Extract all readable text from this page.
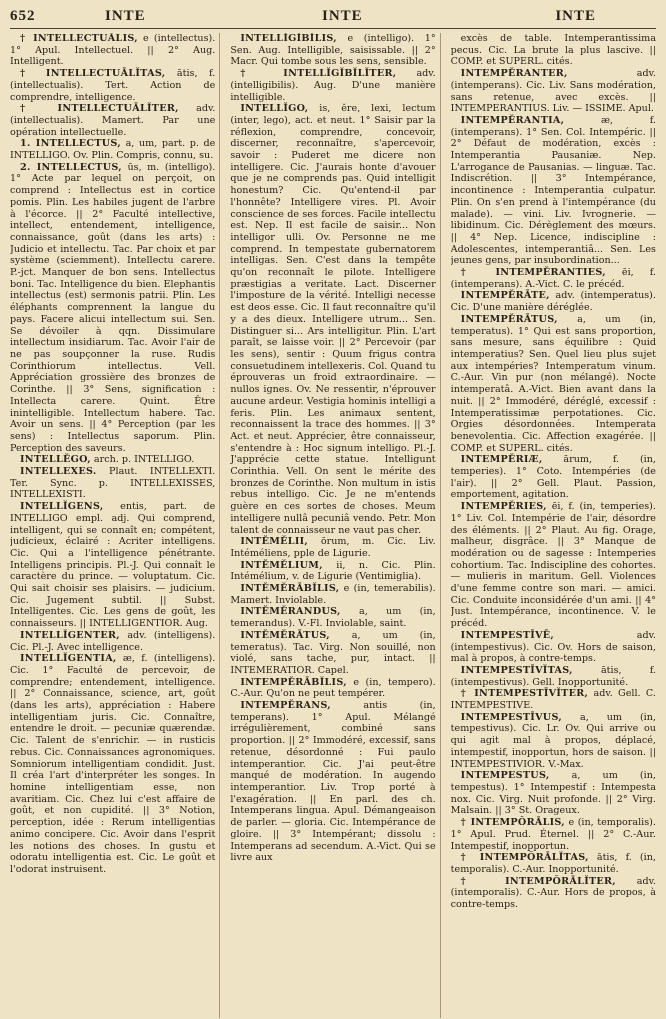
652	INTE	INTE	INTE

† INTELLECTUĀLIS, e (intellectus). 1° Apul. Intellectuel. || 2° Aug. Intelligent.

† INTELLECTUĀLĬTAS, ātis, f. (intellectualis). Tert. Action de comprendre, intelligence.

† INTELLECTUĀLĬTER, adv. (intellectualis). Mamert. Par une opération intellectuelle.

1. INTELLECTUS, a, um, part. p. de INTELLIGO. Ov. Plin. Compris, connu, su.

2. INTELLECTUS, ūs, m. (intelligo). 1° Acte par lequel on perçoit, on comprend : Intellectus est in cortice pomis. Plin. Les habiles jugent de l'arbre à l'écorce. || 2° Faculté intellective, intellect, entendement, intelligence, connaissance, goût (dans les arts) : Judicio et intellectu. Tac. Par choix et par système (sciemment). Intellectu carere. P.-jct. Manquer de bon sens. Intellectus boni. Tac. Intelligence du bien. Elephantis intellectus (est) sermonis patrii. Plin. Les éléphants comprennent la langue du pays. Facere alicui intellectum sui. Sen. Se dévoiler à qqn. Dissimulare intellectum insidiarum. Tac. Avoir l'air de ne pas soupçonner la ruse. Rudis Corinthiorum intellectus. Vell. Appréciation grossière des bronzes de Corinthe. || 3° Sens, signification : Intellecta carere. Quint. Être inintelligible. Intellectum habere. Tac. Avoir un sens. || 4° Perception (par les sens) : Intellectus saporum. Plin. Perception des saveurs.

INTELLĔGO, arch. p. INTELLIGO.

INTELLEXES. Plaut. INTELLEXTI. Ter. Sync. p. INTELLEXISSES, INTELLEXISTI.

INTELLĬGENS, entis, part. de INTELLIGO empl. adj. Qui comprend, intelligent, qui se connaît en; compétent, judicieux, éclairé : Acriter intelligens. Cic. Qui a l'intelligence pénétrante. Intelligens principis. Pl.-J. Qui connaît le caractère du prince. — voluptatum. Cic. Qui sait choisir ses plaisirs. — judicium. Cic. Jugement subtil. || Subst. Intelligentes. Cic. Les gens de goût, les connaisseurs. || INTELLIGENTIOR. Aug.

INTELLĬGENTER, adv. (intelligens). Cic. Pl.-J. Avec intelligence.

INTELLĬGENTIA, æ, f. (intelligens). Cic. 1° Faculté de percevoir, de comprendre; entendement, intelligence. || 2° Connaissance, science, art, goût (dans les arts), appréciation : Habere intelligentiam juris. Cic. Connaître, entendre le droit. — pecuniæ quærendæ. Cic. Talent de s'enrichir. — in rusticis rebus. Cic. Connaissances agronomiques. Somniorum intelligentiam condidit. Just. Il créa l'art d'interpréter les songes. In homine intelligentiam esse, non avaritiam. Cic. Chez lui c'est affaire de goût, et non cupidité. || 3° Notion, perception, idée : Rerum intelligentias animo concipere. Cic. Avoir dans l'esprit les notions des choses. In gustu et odoratu intelligentia est. Cic. Le goût et l'odorat instruisent.

INTELLĬGĬBĬLIS, e (intelligo). 1° Sen. Aug. Intelligible, saisissable. || 2° Macr. Qui tombe sous les sens, sensible.

† INTELLĬGĬBĬLĬTER, adv. (intelligibilis). Aug. D'une manière intelligible.

INTELLĬGO, is, ĕre, lexi, lectum (inter, lego), act. et neut. 1° Saisir par la réflexion, comprendre, concevoir, discerner, reconnaître, s'apercevoir, savoir : Puderet me dicere non intelligere. Cic. J'aurais honte d'avouer que je ne comprends pas. Quid intelligit honestum? Cic. Qu'entend-il par l'honnête? Intelligere vires. Pl. Avoir conscience de ses forces. Facile intellectu est. Nep. Il est facile de saisir... Non intelligor ulli. Ov. Personne ne me comprend. In tempestate gubernatorem intelligas. Sen. C'est dans la tempête qu'on reconnaît le pilote. Intelligere præstigias a veritate. Lact. Discerner l'imposture de la vérité. Intelligi necesse est deos esse. Cic. Il faut reconnaître qu'il y a des dieux. Intelligere utrum... Sen. Distinguer si... Ars intelligitur. Plin. L'art paraît, se laisse voir. || 2° Percevoir (par les sens), sentir : Quum frigus contra consuetudinem intellexeris. Col. Quand tu éprouveras un froid extraordinaire. — nullos ignes. Ov. Ne ressentir, n'éprouver aucune ardeur. Vestigia hominis intelligi a feris. Plin. Les animaux sentent, reconnaissent la trace des hommes. || 3° Act. et neut. Apprécier, être connaisseur, s'entendre à : Hoc signum intelligo. Pl.-J. J'apprécie cette statue. Intelligunt Corinthia. Vell. On sent le mérite des bronzes de Corinthe. Non multum in istis rebus intelligo. Cic. Je ne m'entends guère en ces sortes de choses. Meum intelligere nullâ pecuniâ vendo. Petr. Mon talent de connaisseur ne vaut pas cher.

INTĔMĔLII, ōrum, m. Cic. Liv. Intéméliens, pple de Ligurie.

INTĔMĔLIUM, ii, n. Cic. Plin. Intémélium, v. de Ligurie (Ventimiglia).

INTĔMĔRĀBĬLIS, e (in, temerabilis). Mamert. Inviolable.

INTĔMĔRANDUS, a, um (in, temerandus). V.-Fl. Inviolable, saint.

INTĔMĔRĀTUS, a, um (in, temeratus). Tac. Virg. Non souillé, non violé, sans tache, pur, intact. || INTEMERATIOR. Capel.

INTEMPĔRĀBĬLIS, e (in, tempero). C.-Aur. Qu'on ne peut tempérer.

INTEMPĔRANS,	antis (in, temperans). 1° Apul. Mélangé irrégulièrement, combiné sans proportion. || 2° Immodéré, excessif, sans retenue, désordonné : Fui paulo intemperantior. Cic. J'ai peut-être manqué de modération. In augendo intemperantior. Liv. Trop porté à l'exagération. || En parl. des ch. Intemperans lingua. Apul. Démangeaison de parler. — gloria. Cic. Intempérance de gloire. || 3° Intempérant; dissolu : Intemperans ad secendum. A.-Vict. Qui se livre aux

excès de table. Intemperantissima pecus. Cic. La brute la plus lascive. || COMP. et SUPERL. cités.

INTEMPĔRANTER,	adv. (intemperans). Cic. Liv. Sans modération, sans retenue, avec excès. || INTEMPERANTIUS. Liv. — ISSIME. Apul.

INTEMPĔRANTIA,	æ, f. (intemperans). 1° Sen. Col. Intempéric. || 2° Défaut de modération, excès : Intemperantia Pausaniæ. Nep. L'arrogance de Pausanias. — linguæ. Tac. Indiscrétion. || 3° Intempérance, incontinence : Intemperantia culpatur. Plin. On s'en prend à l'intempérance (du malade). — vini. Liv. Ivrognerie. — libidinum. Cic. Dérèglement des mœurs. || 4° Nep. Licence, indiscipline : Adolescentes, intemperantiâ... Sen. Les jeunes gens, par insubordination...

† INTEMPĔRANTIES, ēi, f. (intemperans). A.-Vict. C. le précéd.

INTEMPĔRĀTE, adv. (intemperatus). Cic. D'une manière déréglée.

INTEMPĔRĀTUS, a, um (in, temperatus). 1° Qui est sans proportion, sans mesure, sans équilibre : Quid intemperatius? Sen. Quel lieu plus sujet aux intempéries? Intemperatum vinum. C.-Aur. Vin pur (non mélangé). Nocte intemperatâ. A.-Vict. Bien avant dans la nuit. || 2° Immodéré, déréglé, excessif : Intemperatissimæ perpotationes. Cic. Orgies désordonnées. Intemperata benevolentia. Cic. Affection exagérée. || COMP. et SUPERL. cités.

INTEMPĔRIÆ, ārum, f. (in, temperies). 1° Coto. Intempéries (de l'air). || 2° Gell. Plaut. Passion, emportement, agitation.

INTEMPĔRIES, ēi, f. (in, temperies). 1° Liv. Col. Intempérie de l'air, désordre des éléments. || 2° Plaut. Au fig. Orage, malheur, disgrâce. || 3° Manque de modération ou de sagesse : Intemperies cohortium. Tac. Indiscipline des cohortes. — mulieris in maritum. Gell. Violences d'une femme contre son mari. — amici. Cic. Conduite inconsidérée d'un ami. || 4° Just. Intempérance, incontinence. V. le précéd.

INTEMPESTĪVĒ,	adv. (intempestivus). Cic. Ov. Hors de saison, mal à propos, à contre-temps.

INTEMPESTĪVĬTAS,	ātis, f. (intempestivus). Gell. Inopportunité.

† INTEMPESTĪVĬTER, adv. Gell. C. INTEMPESTIVE.

INTEMPESTĪVUS, a, um (in, tempestivus). Cic. Lr. Ov. Qui arrive ou qui agit mal à propos, déplacé, intempestif, inopportun, hors de saison. || INTEMPESTIVIOR. V.-Max.

INTEMPESTUS, a, um (in, tempestus). 1° Intempestif : Intempesta nox. Cic. Virg. Nuit profonde. || 2° Virg. Malsain. || 3° St. Orageux.

† INTEMPŎRĀLIS, e (in, temporalis). 1° Apul. Prud. Éternel. || 2° C.-Aur. Intempestif, inopportun.

† INTEMPŎRĀLĬTAS, ātis, f. (in, temporalis). C.-Aur. Inopportunité.

† INTEMPŎRĀLĬTER, adv. (intemporalis). C.-Aur. Hors de propos, à contre-temps.
